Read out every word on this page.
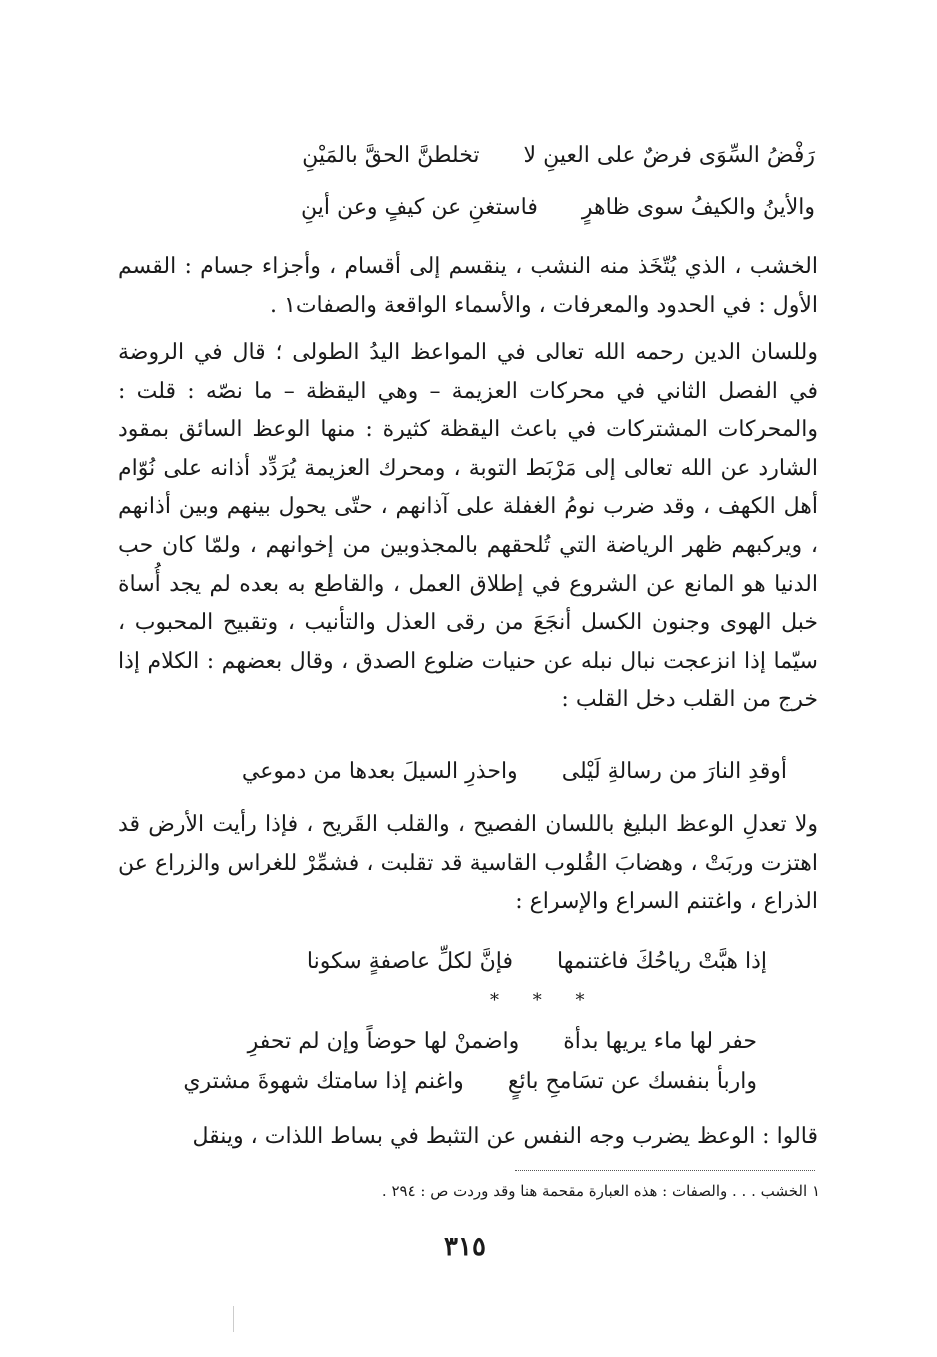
رَفْضُ السِّوَى فرضٌ على العينِ لا
تخلطنَّ الحقَّ بالمَيْنِ
والأينُ والكيفُ سوى ظاهرٍ
فاستغنِ عن كيفٍ وعن أينِ
الخشب ، الذي يُتّخَذ منه النشب ، ينقسم إلى أقسام ، وأجزاء جسام : القسم الأول : في الحدود والمعرفات ، والأسماء الواقعة والصفات١ .
وللسان الدين رحمه الله تعالى في المواعظ اليدُ الطولى ؛ قال في الروضة في الفصل الثاني في محركات العزيمة – وهي اليقظة – ما نصّه : قلت : والمحركات المشتركات في باعث اليقظة كثيرة : منها الوعظ السائق بمقود الشارد عن الله تعالى إلى مَرْبَط التوبة ، ومحرك العزيمة يُرَدِّد أذانه على نُوّام أهل الكهف ، وقد ضرب نومُ الغفلة على آذانهم ، حتّى يحول بينهم وبين أذانهم ، ويركبهم ظهر الرياضة التي تُلحقهم بالمجذوبين من إخوانهم ، ولمّا كان حب الدنيا هو المانع عن الشروع في إطلاق العمل ، والقاطع به بعده لم يجد أُساة خبل الهوى وجنون الكسل أنجَعَ من رقى العذل والتأنيب ، وتقبيح المحبوب ، سيّما إذا انزعجت نبال نبله عن حنيات ضلوع الصدق ، وقال بعضهم : الكلام إذا خرج من القلب دخل القلب :
أوقدِ النارَ من رسالةِ لَيْلى
واحذرِ السيلَ بعدها من دموعي
ولا تعدلِ الوعظ البليغ باللسان الفصيح ، والقلب القَريح ، فإذا رأيت الأرض قد اهتزت وربَتْ ، وهضابَ القُلوب القاسية قد تقلبت ، فشمِّرْ للغراس والزراع عن الذراع ، واغتنم السراع والإسراع :
إذا هبَّتْ رياحُكَ فاغتنمها
فإنَّ لكلِّ عاصفةٍ سكونا
* * *
حفر لها ماء يريها بدأة
واضمنْ لها حوضاً وإن لم تحفرِ
واربأ بنفسك عن تسَامحِ بائعٍ
واغنم إذا سامتك شهوةَ مشتري
قالوا : الوعظ يضرب وجه النفس عن التثبط في بساط اللذات ، وينقل
١ الخشب . . . والصفات : هذه العبارة مقحمة هنا وقد وردت ص : ٢٩٤ .
٣١٥
